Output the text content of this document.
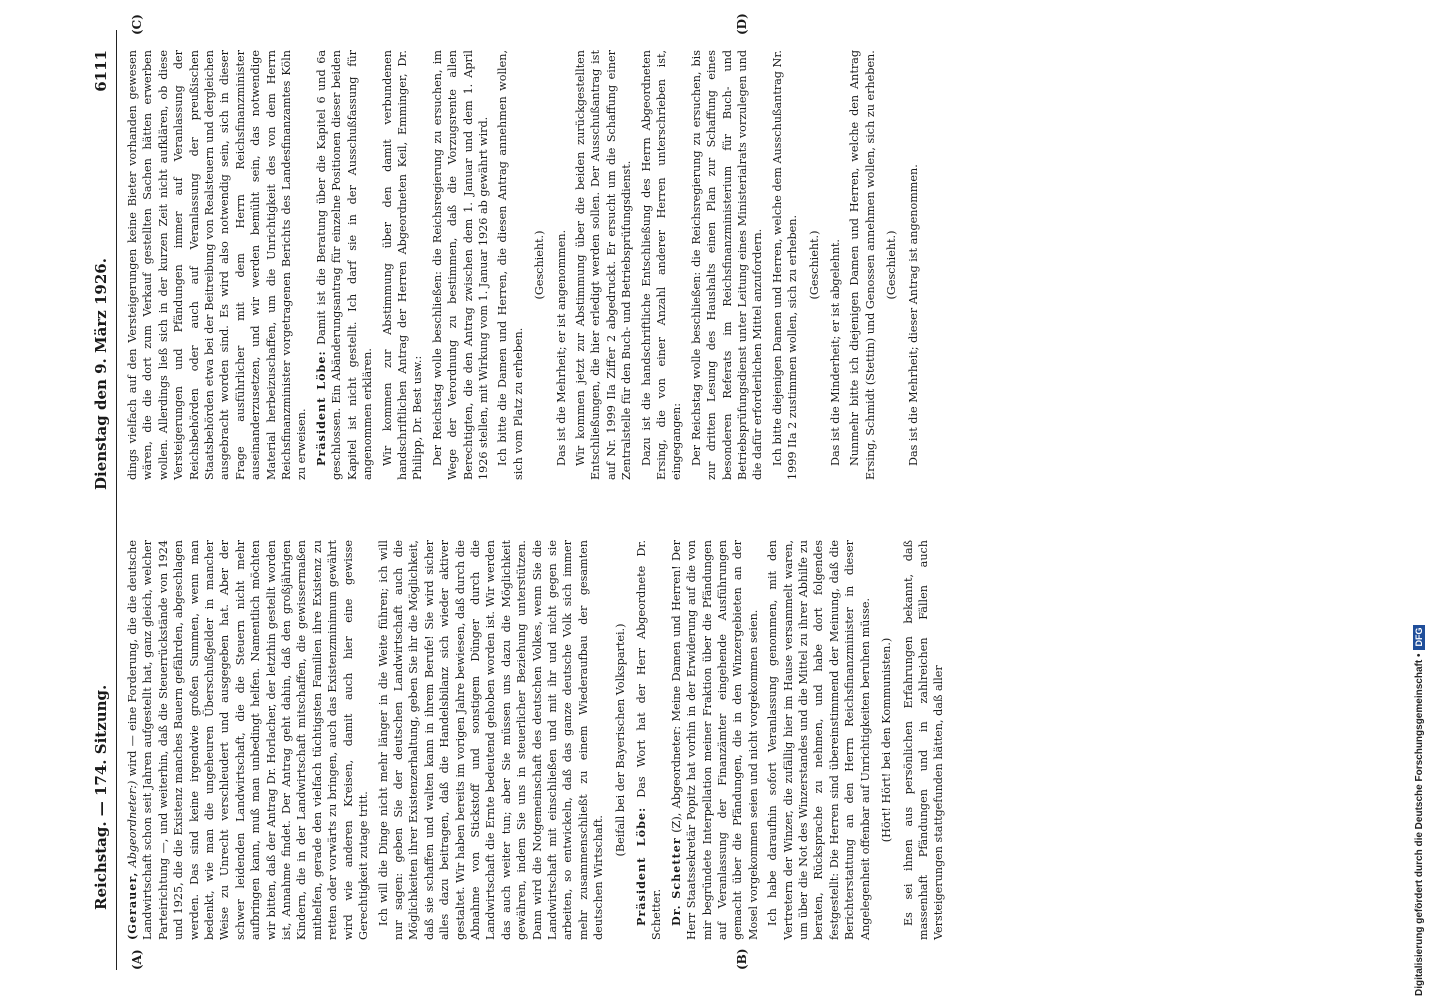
Reichstag. — 174. Sitzung.
Dienstag den 9. März 1926.
6111
(A)	(B)
(C)	(D)

(Gerauer, Abgeordneter:) wird — eine Forderung, die die deutsche Landwirtschaft schon seit Jahren aufgestellt hat, ganz gleich, welcher Parteirichtung —, und weiterhin, daß die Steuerrückstände von 1924 und 1925, die die Existenz manches Bauern gefährden, abgeschlagen werden. Das sind keine irgendwie großen Summen, wenn man bedenkt, wie man die ungeheuren Überschußgelder in mancher Weise zu Unrecht verschleudert und ausgegeben hat. Aber der schwer leidenden Landwirtschaft, die die Steuern nicht mehr aufbringen kann, muß man unbedingt helfen. Namentlich möchten wir bitten, daß der Antrag Dr. Horlacher, der letzthin gestellt worden ist, Annahme findet. Der Antrag geht dahin, daß den großjährigen Kindern, die in der Landwirtschaft mitschaffen, die gewissermaßen mithelfen, gerade den vielfach tüchtigsten Familien ihre Existenz zu retten oder vorwärts zu bringen, auch das Existenzminimum gewährt wird wie anderen Kreisen, damit auch hier eine gewisse Gerechtigkeit zutage tritt. Ich will die Dinge nicht mehr länger in die Weite führen; ich will nur sagen: geben Sie der deutschen Landwirtschaft auch die Möglichkeiten ihrer Existenzerhaltung, geben Sie ihr die Möglichkeit, daß sie schaffen und walten kann in ihrem Berufe! Sie wird sicher alles dazu beitragen, daß die Handelsbilanz sich wieder aktiver gestaltet. Wir haben bereits im vorigen Jahre bewiesen, daß durch die Abnahme von Stickstoff und sonstigem Dünger durch die Landwirtschaft die Ernte bedeutend gehoben worden ist. Wir werden das auch weiter tun; aber Sie müssen uns dazu die Möglichkeit gewähren, indem Sie uns in steuerlicher Beziehung unterstützen. Dann wird die Notgemeinschaft des deutschen Volkes, wenn Sie die Landwirtschaft mit einschließen und mit ihr und nicht gegen sie arbeiten, so entwickeln, daß das ganze deutsche Volk sich immer mehr zusammenschließt zu einem Wiederaufbau der gesamten deutschen Wirtschaft.

(Beifall bei der Bayerischen Volkspartei.)

Präsident Löbe: Das Wort hat der Herr Abgeordnete Dr. Schetter. Dr. Schetter (Z), Abgeordneter: Meine Damen und Herren! Der Herr Staatssekretär Popitz hat vorhin in der Erwiderung auf die von mir begründete Interpellation meiner Fraktion über die Pfändungen auf Veranlassung der Finanzämter eingehende Ausführungen gemacht über die Pfändungen, die in den Winzergebieten an der Mosel vorgekommen seien und nicht vorgekommen seien. Ich habe daraufhin sofort Veranlassung genommen, mit den Vertretern der Winzer, die zufällig hier im Hause versammelt waren, um über die Not des Winzerstandes und die Mittel zu ihrer Abhilfe zu beraten, Rücksprache zu nehmen, und habe dort folgendes festgestellt: Die Herren sind übereinstimmend der Meinung, daß die Berichterstattung an den Herrn Reichsfinanzminister in dieser Angelegenheit offenbar auf Unrichtigkeiten beruhen müsse. (Hört! Hört! bei den Kommunisten.) Es sei ihnen aus persönlichen Erfahrungen bekannt, daß massenhaft Pfändungen und in zahlreichen Fällen auch Versteigerungen stattgefunden hätten, daß aller

dings vielfach auf den Versteigerungen keine Bieter vorhanden gewesen wären, die die dort zum Verkauf gestellten Sachen hätten erwerben wollen. Allerdings ließ sich in der kurzen Zeit nicht aufklären, ob diese Versteigerungen und Pfändungen immer auf Veranlassung der Reichsbehörden oder auch auf Veranlassung der preußischen Staatsbehörden etwa bei der Beitreibung von Realsteuern und dergleichen ausgebracht worden sind. Es wird also notwendig sein, sich in dieser Frage ausführlicher mit dem Herrn Reichsfinanzminister auseinanderzusetzen, und wir werden bemüht sein, das notwendige Material herbeizuschaffen, um die Unrichtigkeit des von dem Herrn Reichsfinanzminister vorgetragenen Berichts des Landesfinanzamtes Köln zu erweisen. Präsident Löbe: Damit ist die Beratung über die Kapitel 6 und 6a geschlossen. Ein Abänderungsantrag für einzelne Positionen dieser beiden Kapitel ist nicht gestellt. Ich darf sie in der Ausschußfassung für angenommen erklären. Wir kommen zur Abstimmung über den damit verbundenen handschriftlichen Antrag der Herren Abgeordneten Keil, Emminger, Dr. Philipp, Dr. Best usw.: Der Reichstag wolle beschließen: die Reichsregierung zu ersuchen, im Wege der Verordnung zu bestimmen, daß die Vorzugsrente allen Berechtigten, die den Antrag zwischen dem 1. Januar und dem 1. April 1926 stellen, mit Wirkung vom 1. Januar 1926 ab gewährt wird. Ich bitte die Damen und Herren, die diesen Antrag annehmen wollen, sich vom Platz zu erheben.

(Geschieht.) Das ist die Mehrheit; er ist angenommen. Wir kommen jetzt zur Abstimmung über die beiden zurückgestellten Entschließungen, die hier erledigt werden sollen. Der Ausschußantrag ist auf Nr. 1999 IIa Ziffer 2 abgedruckt. Er ersucht um die Schaffung einer Zentralstelle für den Buch- und Betriebsprüfungsdienst. Dazu ist die handschriftliche Entschließung des Herrn Abgeordneten Ersing, die von einer Anzahl anderer Herren unterschrieben ist, eingegangen: Der Reichstag wolle beschließen: die Reichsregierung zu ersuchen, bis zur dritten Lesung des Haushalts einen Plan zur Schaffung eines besonderen Referats im Reichsfinanzministerium für Buch- und Betriebsprüfungsdienst unter Leitung eines Ministerialrats vorzulegen und die dafür erforderlichen Mittel anzufordern. Ich bitte diejenigen Damen und Herren, welche dem Ausschußantrag Nr. 1999 IIa 2 zustimmen wollen, sich zu erheben. (Geschieht.) Das ist die Minderheit; er ist abgelehnt. Nunmehr bitte ich diejenigen Damen und Herren, welche den Antrag Ersing, Schmidt (Stettin) und Genossen annehmen wollen, sich zu erheben. (Geschieht.) Das ist die Mehrheit; dieser Antrag ist angenommen.

Digitalisierung gefördert durch die Deutsche Forschungsgemeinschaft •DFG
